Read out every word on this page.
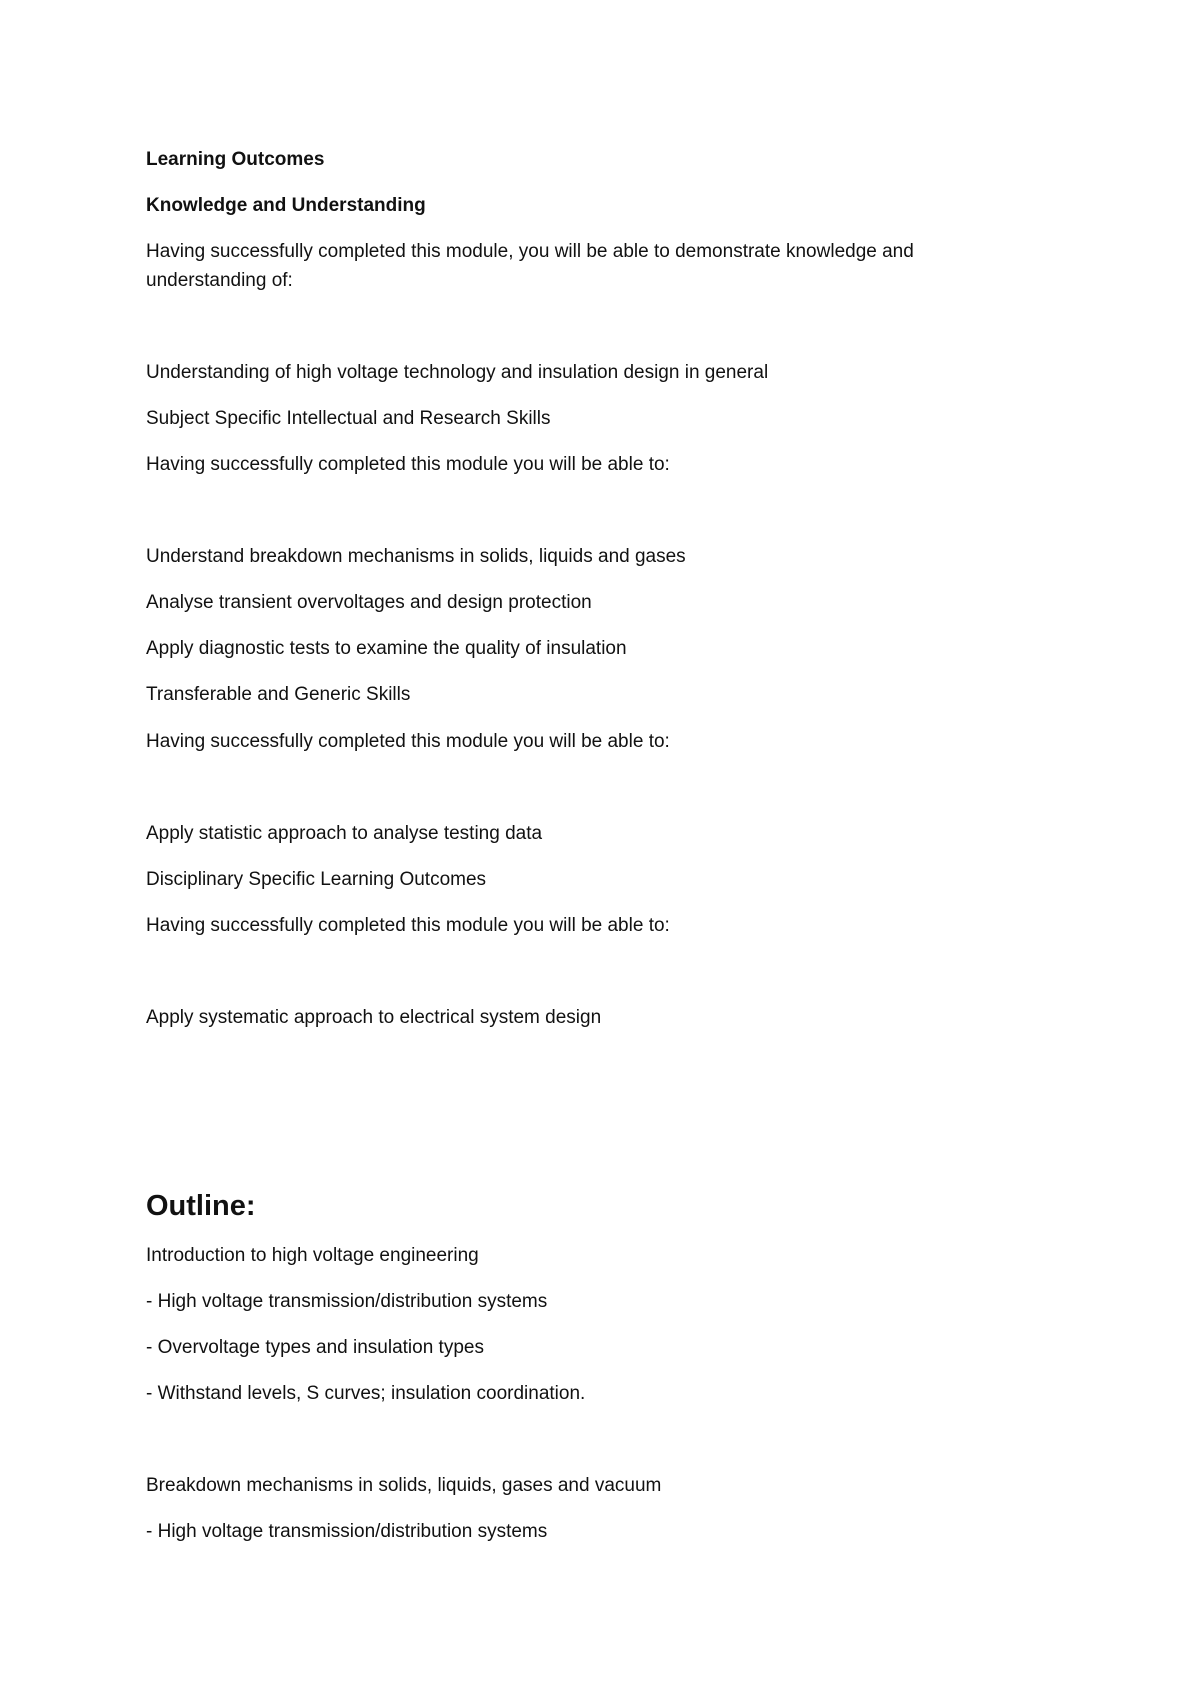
Learning Outcomes

Knowledge and Understanding

Having successfully completed this module, you will be able to demonstrate knowledge and

understanding of:

Understanding of high voltage technology and insulation design in general

Subject Specific Intellectual and Research Skills

Having successfully completed this module you will be able to:

Understand breakdown mechanisms in solids, liquids and gases

Analyse transient overvoltages and design protection

Apply diagnostic tests to examine the quality of insulation

Transferable and Generic Skills

Having successfully completed this module you will be able to:

Apply statistic approach to analyse testing data

Disciplinary Specific Learning Outcomes

Having successfully completed this module you will be able to:

Apply systematic approach to electrical system design

Outline:

Introduction to high voltage engineering

- High voltage transmission/distribution systems

- Overvoltage types and insulation types

- Withstand levels, S curves; insulation coordination.

Breakdown mechanisms in solids, liquids, gases and vacuum

- High voltage transmission/distribution systems
